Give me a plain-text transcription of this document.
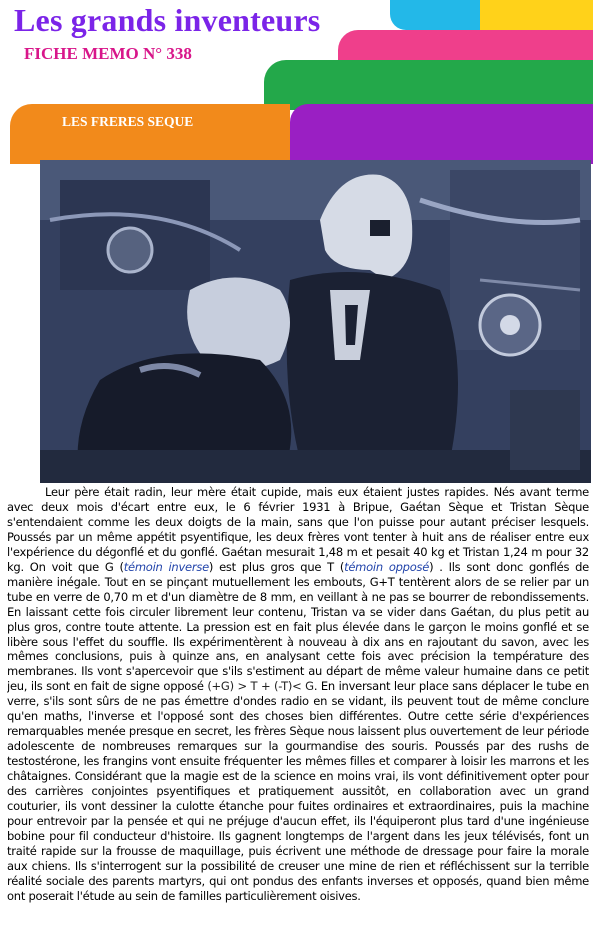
Les grands inventeurs
FICHE MEMO N° 338
LES FRERES SEQUE

Leur père était radin, leur mère était cupide, mais eux étaient justes rapides. Nés avant terme avec deux mois d'écart entre eux, le 6 février 1931 à Bripue, Gaétan Sèque et Tristan Sèque s'entendaient comme les deux doigts de la main, sans que l'on puisse pour autant préciser lesquels. Poussés par un même appétit psyentifique, les deux frères vont tenter à huit ans de réaliser entre eux l'expérience du dégonflé et du gonflé. Gaétan mesurait 1,48 m et pesait 40 kg et Tristan 1,24 m pour 32 kg. On voit que G (témoin inverse) est plus gros que T (témoin opposé) . Ils sont donc gonflés de manière inégale. Tout en se pinçant mutuellement les embouts, G+T tentèrent alors de se relier par un tube en verre de 0,70 m et d'un diamètre de 8 mm, en veillant à ne pas se bourrer de rebondissements. En laissant cette fois circuler librement leur contenu, Tristan va se vider dans Gaétan, du plus petit au plus gros, contre toute attente. La pression est en fait plus élevée dans le garçon le moins gonflé et se libère sous l'effet du souffle. Ils expérimentèrent à nouveau à dix ans en rajoutant du savon, avec les mêmes conclusions, puis à quinze ans, en analysant cette fois avec précision la température des membranes. Ils vont s'apercevoir que s'ils s'estiment au départ de même valeur humaine dans ce petit jeu, ils sont en fait de signe opposé (+G) > T + (-T)< G. En inversant leur place sans déplacer le tube en verre, s'ils sont sûrs de ne pas émettre d'ondes radio en se vidant, ils peuvent tout de même conclure qu'en maths, l'inverse et l'opposé sont des choses bien différentes. Outre cette série d'expériences remarquables menée presque en secret, les frères Sèque nous laissent plus ouvertement de leur période adolescente de nombreuses remarques sur la gourmandise des souris. Poussés par des rushs de testostérone, les frangins vont ensuite fréquenter les mêmes filles et comparer à loisir les marrons et les châtaignes. Considérant que la magie est de la science en moins vrai, ils vont définitivement opter pour des carrières conjointes psyentifiques et pratiquement aussitôt, en collaboration avec un grand couturier, ils vont dessiner la culotte étanche pour fuites ordinaires et extraordinaires, puis la machine pour entrevoir par la pensée et qui ne préjuge d'aucun effet, ils l'équiperont plus tard d'une ingénieuse bobine pour fil conducteur d'histoire. Ils gagnent longtemps de l'argent dans les jeux télévisés, font un traité rapide sur la frousse de maquillage, puis écrivent une méthode de dressage pour faire la morale aux chiens. Ils s'interrogent sur la possibilité de creuser une mine de rien et réfléchissent sur la terrible réalité sociale des parents martyrs, qui ont pondus des enfants inverses et opposés, quand bien même ont poserait l'étude au sein de familles particulièrement oisives.
